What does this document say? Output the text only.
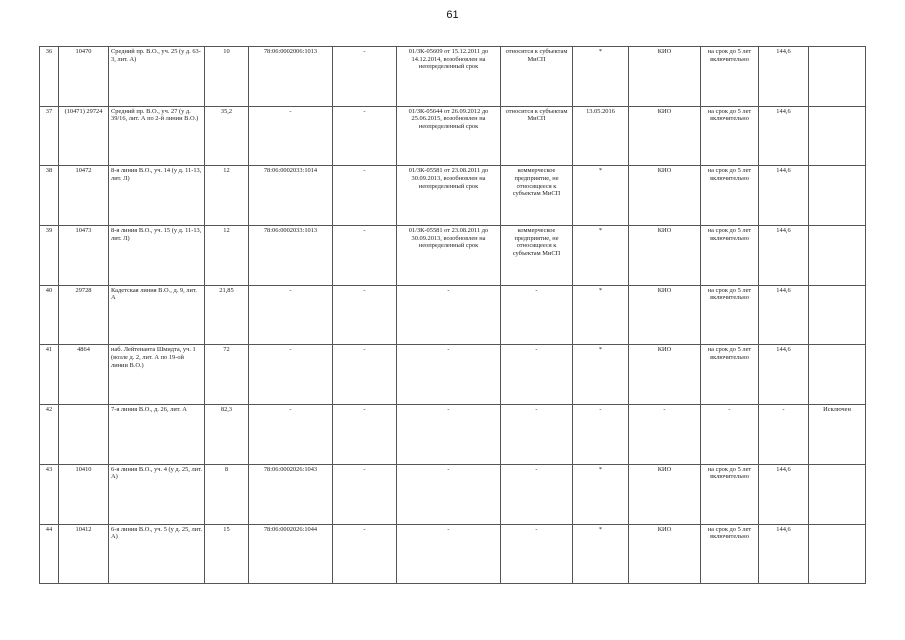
61
36	10470	Средний пр. В.О., уч. 25 (у д. 63-3, лит. А)	10	78:06:0002006:1013	-	01/ЗК-05609 от 15.12.2011 до 14.12.2014, возобновлен на неопределенный срок	относится к субъектам МиСП	*	КИО	на срок до 5 лет включительно	144,6	
37	(10471) 29724	Средний пр. В.О., уч. 27 (у д. 39/16, лит. А по 2-й линии В.О.)	35,2	-	-	01/ЗК-05644 от 26.09.2012 до 25.06.2015, возобновлен на неопределенный срок	относится к субъектам МиСП	13.05.2016	КИО	на срок до 5 лет включительно	144,6	
38	10472	8-я линия В.О., уч. 14 (у д. 11-13, лит. Л)	12	78:06:0002033:1014	-	01/ЗК-05581 от 23.08.2011 до 30.09.2013, возобновлен на неопределенный срок	коммерческое предприятие, не относящееся к субъектам МиСП	*	КИО	на срок до 5 лет включительно	144,6	
39	10473	8-я линия В.О., уч. 15 (у д. 11-13, лит. Л)	12	78:06:0002033:1013	-	01/ЗК-05581 от 23.08.2011 до 30.09.2013, возобновлен на неопределенный срок	коммерческое предприятие, не относящееся к субъектам МиСП	*	КИО	на срок до 5 лет включительно	144,6	
40	29728	Кадетская линия В.О., д. 9, лит. А	21,85	-	-	-	-	*	КИО	на срок до 5 лет включительно	144,6	
41	4864	наб. Лейтенанта Шмидта, уч. 1 (возле д. 2, лит. А по 19-ой линии В.О.)	72	-	-	-	-	*	КИО	на срок до 5 лет включительно	144,6	
42		7-я линия В.О., д. 26, лит. А	82,3	-	-	-	-	-	-	-	-	Исключен
43	10410	6-я линия В.О., уч. 4 (у д. 25, лит. А)	8	78:06:0002026:1043	-	-	-	*	КИО	на срок до 5 лет включительно	144,6	
44	10412	6-я линия В.О., уч. 5 (у д. 25, лит. А)	15	78:06:0002026:1044	-	-	-	*	КИО	на срок до 5 лет включительно	144,6	
